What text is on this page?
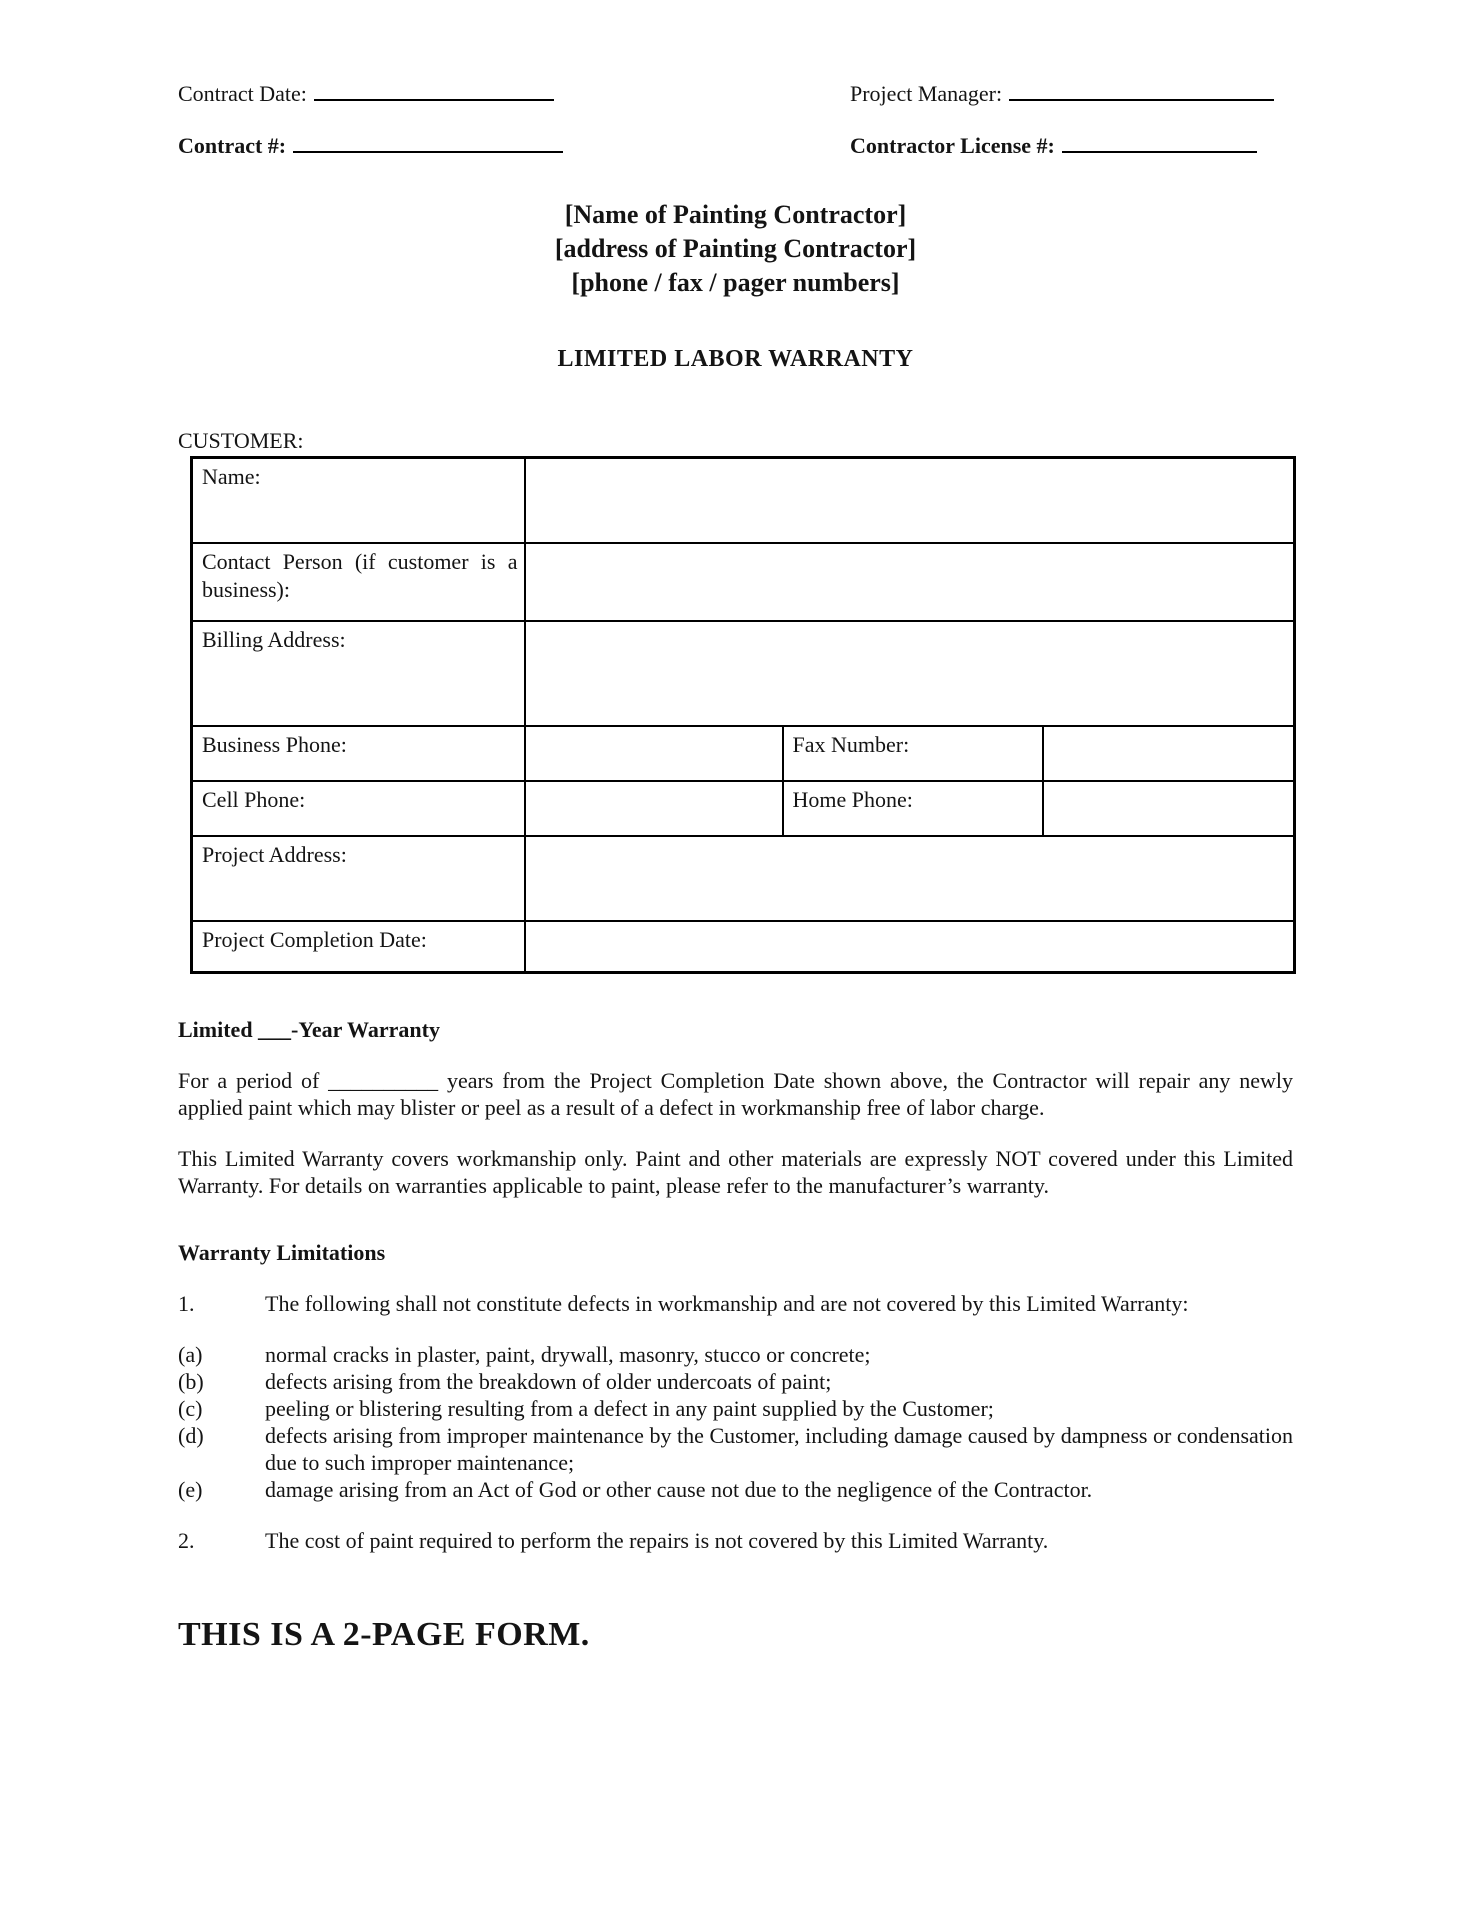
Contract Date:	Project Manager:
Contract #:	Contractor License #:
[Name of Painting Contractor]
[address of Painting Contractor]
[phone / fax / pager numbers]
LIMITED LABOR WARRANTY
CUSTOMER:
Name:			
Contact Person (if customer is a business):			
Billing Address:			
Business Phone:		Fax Number:	
Cell Phone:		Home Phone:	
Project Address:			
Project Completion Date:			

Limited ___-Year Warranty

For a period of __________ years from the Project Completion Date shown above, the Contractor will repair any newly applied paint which may blister or peel as a result of a defect in workmanship free of labor charge.

This Limited Warranty covers workmanship only. Paint and other materials are expressly NOT covered under this Limited Warranty. For details on warranties applicable to paint, please refer to the manufacturer’s warranty.

Warranty Limitations

1.	The following shall not constitute defects in workmanship and are not covered by this Limited Warranty:

(a)	normal cracks in plaster, paint, drywall, masonry, stucco or concrete;
(b)	defects arising from the breakdown of older undercoats of paint;
(c)	peeling or blistering resulting from a defect in any paint supplied by the Customer;
(d)	defects arising from improper maintenance by the Customer, including damage caused by dampness or condensation due to such improper maintenance;
(e)	damage arising from an Act of God or other cause not due to the negligence of the Contractor.

2.	The cost of paint required to perform the repairs is not covered by this Limited Warranty.

THIS IS A 2-PAGE FORM.
